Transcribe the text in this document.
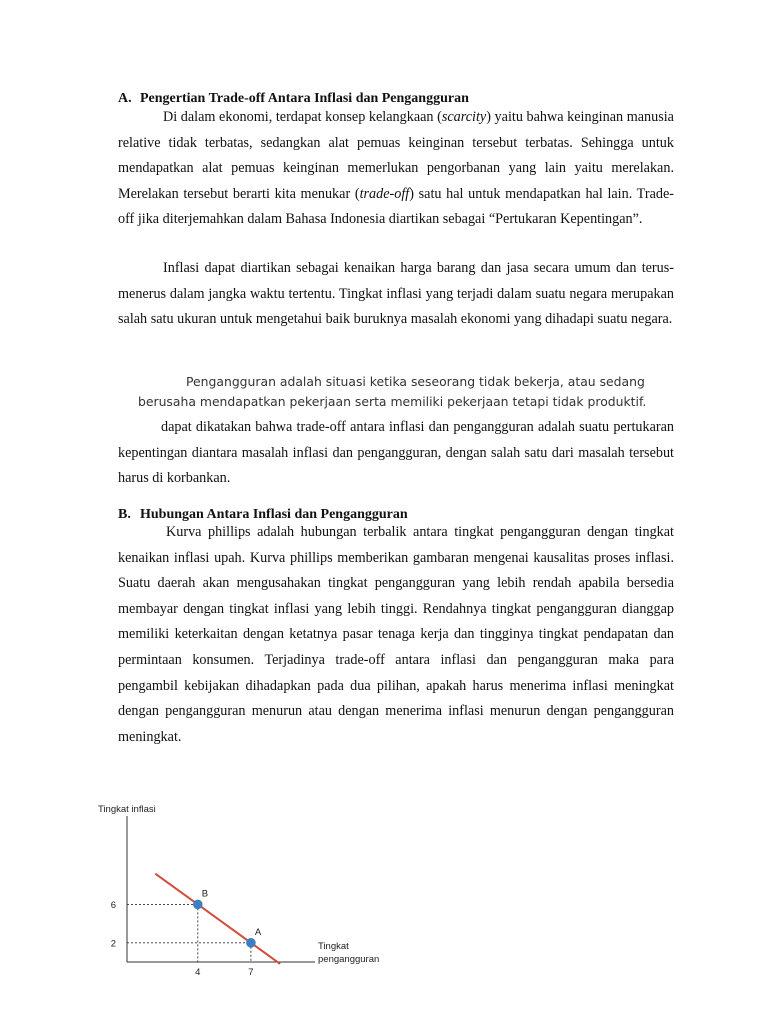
A. Pengertian Trade-off Antara Inflasi dan Pengangguran

Di dalam ekonomi, terdapat konsep kelangkaan (scarcity) yaitu bahwa keinginan manusia relative tidak terbatas, sedangkan alat pemuas keinginan tersebut terbatas. Sehingga untuk mendapatkan alat pemuas keinginan memerlukan pengorbanan yang lain yaitu merelakan. Merelakan tersebut berarti kita menukar (trade-off) satu hal untuk mendapatkan hal lain. Trade-off jika diterjemahkan dalam Bahasa Indonesia diartikan sebagai “Pertukaran Kepentingan”.

Inflasi dapat diartikan sebagai kenaikan harga barang dan jasa secara umum dan terus-menerus dalam jangka waktu tertentu. Tingkat inflasi yang terjadi dalam suatu negara merupakan salah satu ukuran untuk mengetahui baik buruknya masalah ekonomi yang dihadapi suatu negara.

Pengangguran adalah situasi ketika seseorang tidak bekerja, atau sedang berusaha mendapatkan pekerjaan serta memiliki pekerjaan tetapi tidak produktif.

dapat dikatakan bahwa trade-off antara inflasi dan pengangguran adalah suatu pertukaran kepentingan diantara masalah inflasi dan pengangguran, dengan salah satu dari masalah tersebut harus di korbankan.

B. Hubungan Antara Inflasi dan Pengangguran

Kurva phillips adalah hubungan terbalik antara tingkat pengangguran dengan tingkat kenaikan inflasi upah. Kurva phillips memberikan gambaran mengenai kausalitas proses inflasi. Suatu daerah akan mengusahakan tingkat pengangguran yang lebih rendah apabila bersedia membayar dengan tingkat inflasi yang lebih tinggi. Rendahnya tingkat pengangguran dianggap memiliki keterkaitan dengan ketatnya pasar tenaga kerja dan tingginya tingkat pendapatan dan permintaan konsumen. Terjadinya trade-off antara inflasi dan pengangguran maka para pengambil kebijakan dihadapkan pada dua pilihan, apakah harus menerima inflasi meningkat dengan pengangguran menurun atau dengan menerima inflasi menurun dengan pengangguran meningkat.

Tingkat inflasi
Tingkat
pengangguran
B
A
6
2
4	7
